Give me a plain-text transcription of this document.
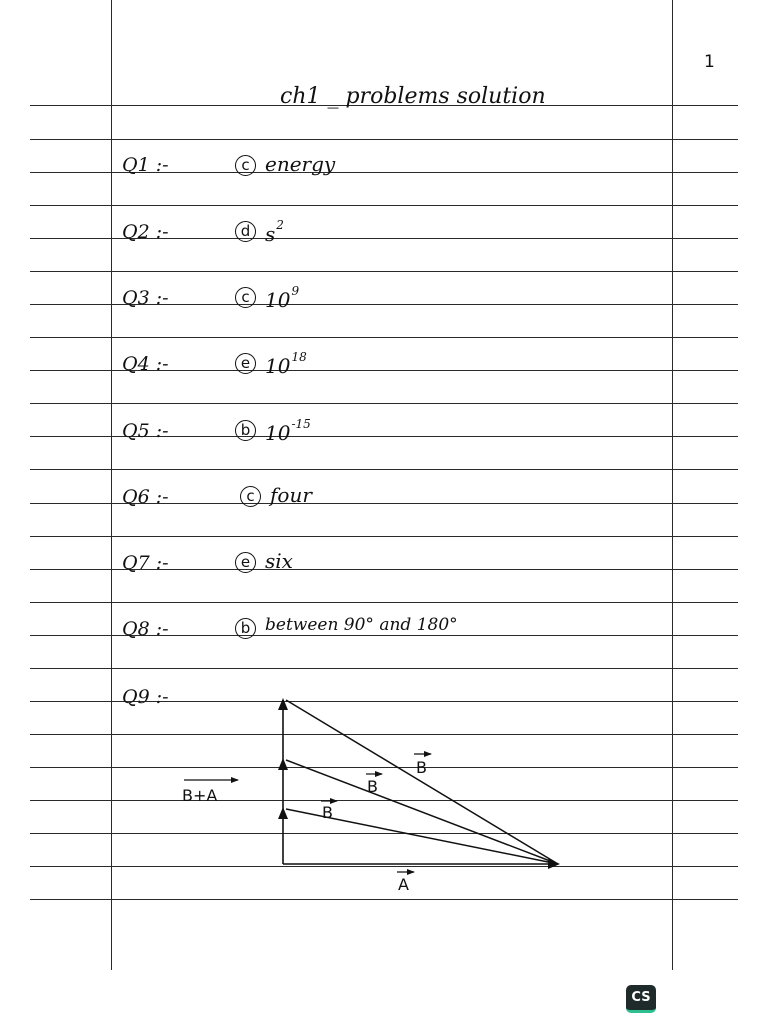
1
ch1 _ problems solution
Q1 :-	c energy
Q2 :-	d $s^2$
Q3 :-	c $10^9$
Q4 :-	e $10^{18}$
Q5 :-	b $10^{-15}$
Q6 :-	c four
Q7 :-	e six
Q8 :-	b between 90° and 180°
Q9 :-
B+A
B
B
B
A
CS
